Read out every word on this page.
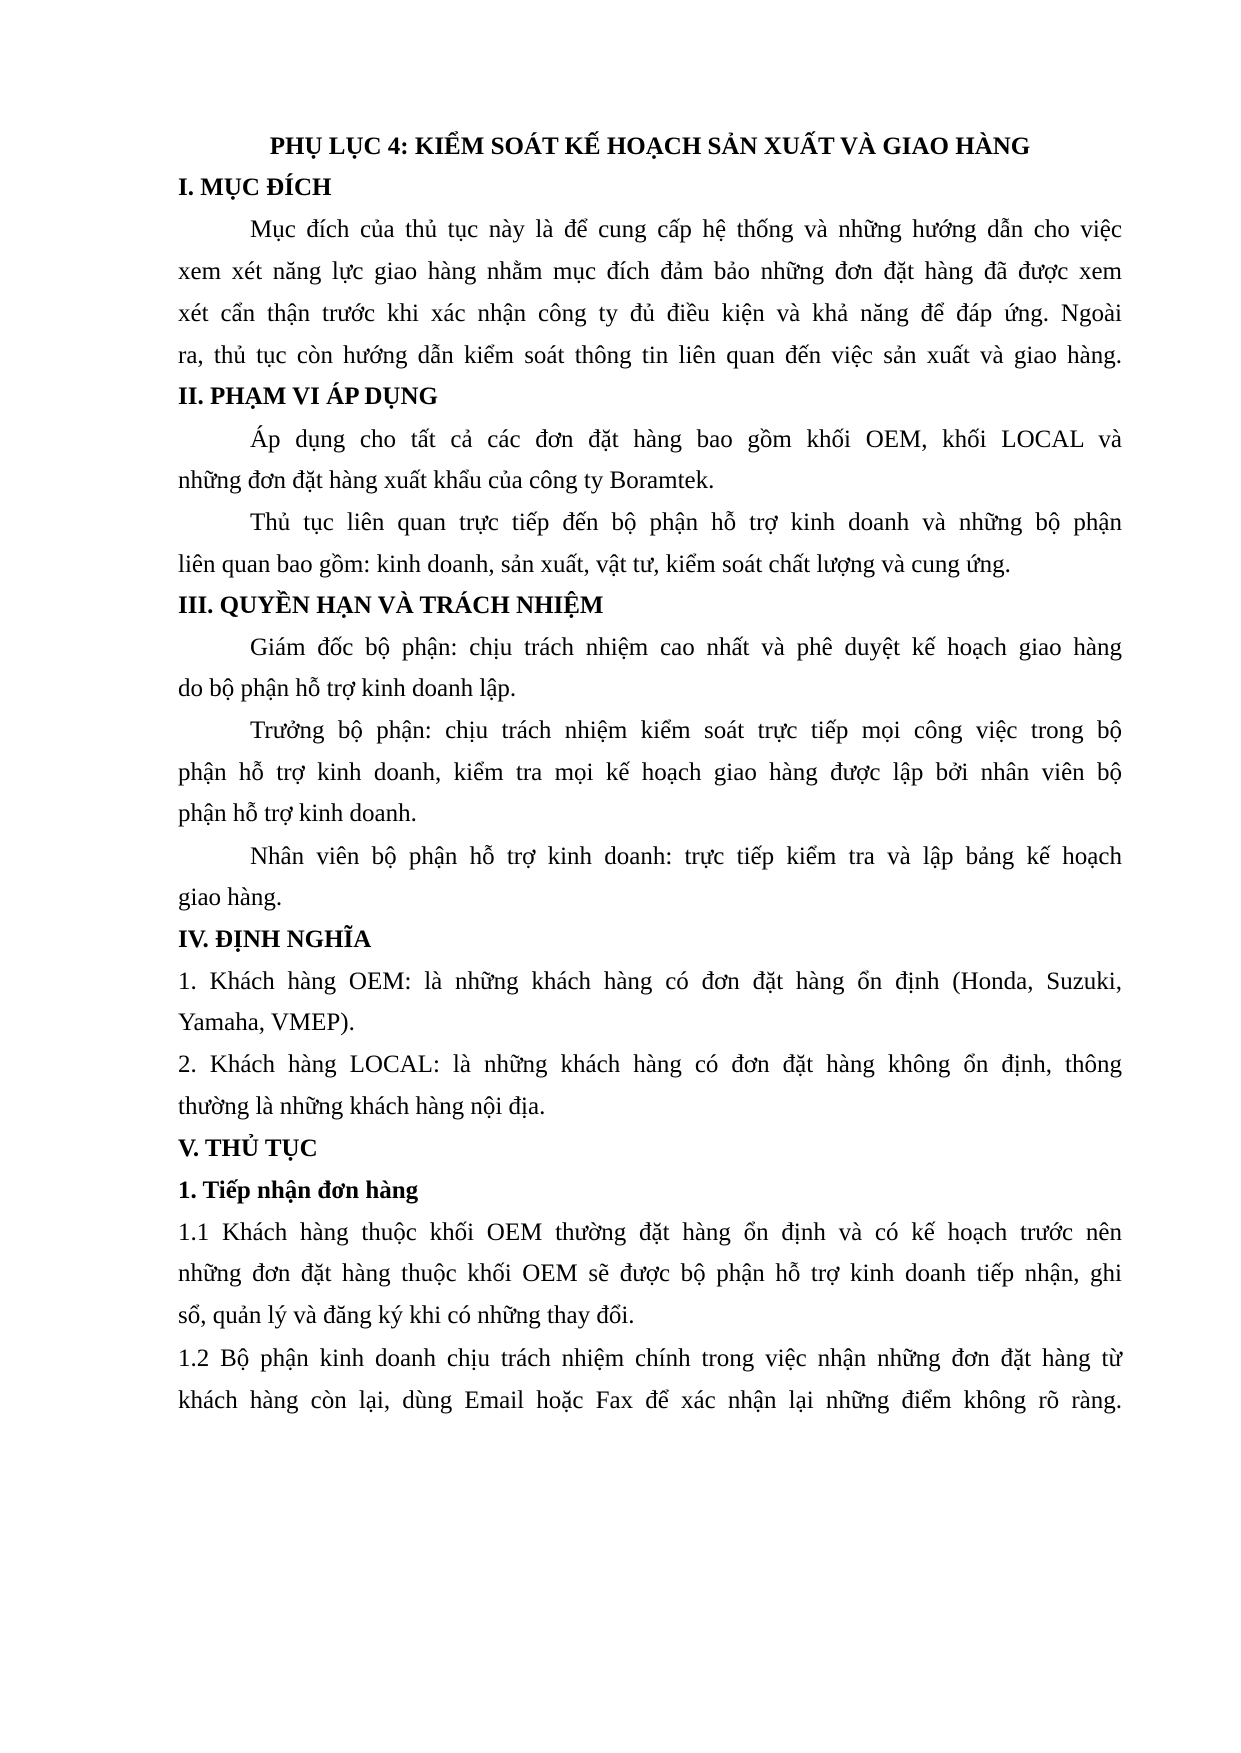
PHỤ LỤC 4: KIỂM SOÁT KẾ HOẠCH SẢN XUẤT VÀ GIAO HÀNG
I. MỤC ĐÍCH
Mục đích của thủ tục này là để cung cấp hệ thống và những hướng dẫn cho việc
xem xét năng lực giao hàng nhằm mục đích đảm bảo những đơn đặt hàng đã được xem
xét cẩn thận trước khi xác nhận công ty đủ điều kiện và khả năng để đáp ứng. Ngoài
ra, thủ tục còn hướng dẫn kiểm soát thông tin liên quan đến việc sản xuất và giao hàng.
II. PHẠM VI ÁP DỤNG
Áp dụng cho tất cả các đơn đặt hàng bao gồm khối OEM, khối LOCAL và
những đơn đặt hàng xuất khẩu của công ty Boramtek.
Thủ tục liên quan trực tiếp đến bộ phận hỗ trợ kinh doanh và những bộ phận
liên quan bao gồm: kinh doanh, sản xuất, vật tư, kiểm soát chất lượng và cung ứng.
III. QUYỀN HẠN VÀ TRÁCH NHIỆM
Giám đốc bộ phận: chịu trách nhiệm cao nhất và phê duyệt kế hoạch giao hàng
do bộ phận hỗ trợ kinh doanh lập.
Trưởng bộ phận: chịu trách nhiệm kiểm soát trực tiếp mọi công việc trong bộ
phận hỗ trợ kinh doanh, kiểm tra mọi kế hoạch giao hàng được lập bởi nhân viên bộ
phận hỗ trợ kinh doanh.
Nhân viên bộ phận hỗ trợ kinh doanh: trực tiếp kiểm tra và lập bảng kế hoạch
giao hàng.
IV. ĐỊNH NGHĨA
1. Khách hàng OEM: là những khách hàng có đơn đặt hàng ổn định (Honda, Suzuki,
Yamaha, VMEP).
2. Khách hàng LOCAL: là những khách hàng có đơn đặt hàng không ổn định, thông
thường là những khách hàng nội địa.
V. THỦ TỤC
1. Tiếp nhận đơn hàng
1.1 Khách hàng thuộc khối OEM thường đặt hàng ổn định và có kế hoạch trước nên
những đơn đặt hàng thuộc khối OEM sẽ được bộ phận hỗ trợ kinh doanh tiếp nhận, ghi
sổ, quản lý và đăng ký khi có những thay đổi.
1.2 Bộ phận kinh doanh chịu trách nhiệm chính trong việc nhận những đơn đặt hàng từ
khách hàng còn lại, dùng Email hoặc Fax để xác nhận lại những điểm không rõ ràng.
